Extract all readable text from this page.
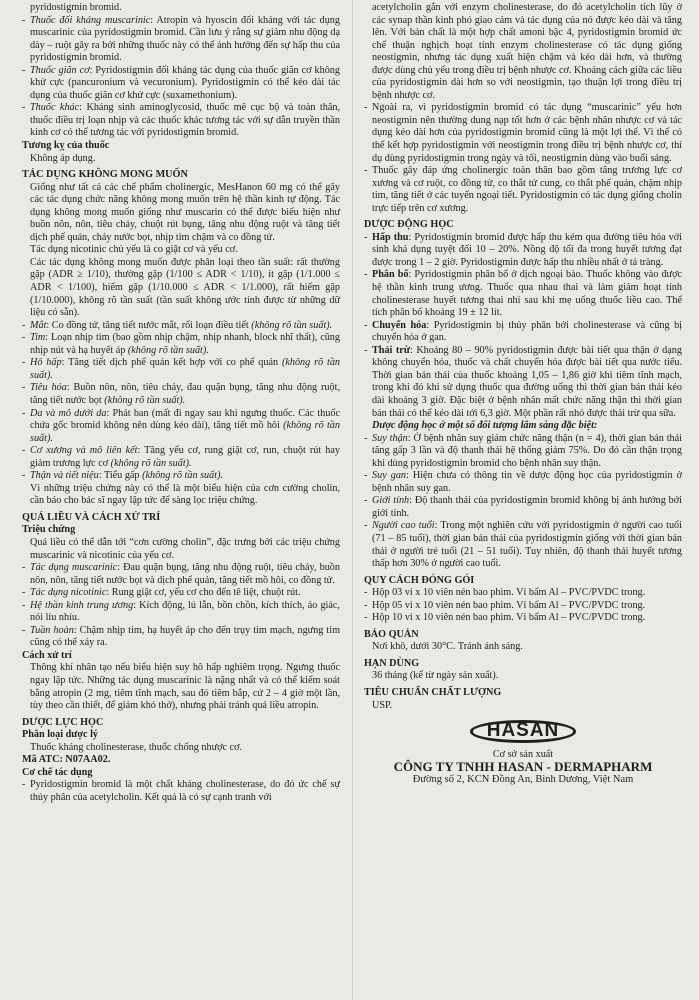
pyridostigmin bromid.

- Thuốc đối kháng muscarinic: Atropin và hyoscin đối kháng với tác dụng muscarinic của pyridostigmin bromid. Cần lưu ý rằng sự giảm nhu động dạ dày – ruột gây ra bởi những thuốc này có thể ảnh hưởng đến sự hấp thu của pyridostigmin bromid.
- Thuốc giãn cơ: Pyridostigmin đối kháng tác dụng của thuốc giãn cơ không khử cực (pancuronium và vecuronium). Pyridostigmin có thể kéo dài tác dụng của thuốc giãn cơ khử cực (suxamethonium).
- Thuốc khác: Kháng sinh aminoglycosid, thuốc mê cục bộ và toàn thân, thuốc điều trị loạn nhịp và các thuốc khác tương tác với sự dẫn truyền thần kinh cơ có thể tương tác với pyridostigmin bromid.
Tương kỵ của thuốc

Không áp dụng.

TÁC DỤNG KHÔNG MONG MUỐN

Giống như tất cả các chế phẩm cholinergic, MesHanon 60 mg có thể gây các tác dụng chức năng không mong muốn trên hệ thần kinh tự động. Tác dụng không mong muốn giống như muscarin có thể được biểu hiện như buồn nôn, nôn, tiêu chảy, chuột rút bụng, tăng nhu động ruột và tăng tiết dịch phế quản, chảy nước bọt, nhịp tim chậm và co đồng tử.

Tác dụng nicotinic chủ yếu là co giật cơ và yếu cơ.

Các tác dụng không mong muốn được phân loại theo tần suất: rất thường gặp (ADR ≥ 1/10), thường gặp (1/100 ≤ ADR < 1/10), ít gặp (1/1.000 ≤ ADR < 1/100), hiếm gặp (1/10.000 ≤ ADR < 1/1.000), rất hiếm gặp (1/10.000), không rõ tần suất (tần suất không ước tính được từ những dữ liệu có sẵn).

- Mắt: Co đồng tử, tăng tiết nước mắt, rối loạn điều tiết (không rõ tần suất).
- Tim: Loạn nhịp tim (bao gồm nhịp chậm, nhịp nhanh, block nhĩ thất), cũng nhịp nút và hạ huyết áp (không rõ tần suất).
- Hô hấp: Tăng tiết dịch phế quản kết hợp với co phế quản (không rõ tần suất).
- Tiêu hóa: Buồn nôn, nôn, tiêu chảy, đau quặn bụng, tăng nhu động ruột, tăng tiết nước bọt (không rõ tần suất).
- Da và mô dưới da: Phát ban (mất đi ngay sau khi ngưng thuốc. Các thuốc chứa gốc bromid không nên dùng kéo dài), tăng tiết mồ hôi (không rõ tần suất).
- Cơ xương và mô liên kết: Tăng yếu cơ, rung giật cơ, run, chuột rút hay giảm trương lực cơ (không rõ tần suất).
- Thận và tiết niệu: Tiểu gấp (không rõ tần suất).

Vì những triệu chứng này có thể là một biểu hiện của cơn cường cholin, cần báo cho bác sĩ ngay lập tức để sàng lọc triệu chứng.

QUÁ LIỀU VÀ CÁCH XỬ TRÍ
Triệu chứng

Quá liều có thể dẫn tới “cơn cường cholin”, đặc trưng bởi các triệu chứng muscarinic và nicotinic của yếu cơ.

- Tác dụng muscarinic: Đau quặn bụng, tăng nhu động ruột, tiêu chảy, buồn nôn, nôn, tăng tiết nước bọt và dịch phế quản, tăng tiết mồ hôi, co đồng tử.
- Tác dụng nicotinic: Rung giật cơ, yếu cơ cho đến tê liệt, chuột rút.
- Hệ thần kinh trung ương: Kích động, lú lẫn, bồn chồn, kích thích, ảo giác, nói líu nhíu.
- Tuần hoàn: Chậm nhịp tim, hạ huyết áp cho đến trụy tim mạch, ngưng tim cũng có thể xảy ra.
Cách xử trí

Thông khí nhân tạo nếu biểu hiện suy hô hấp nghiêm trọng. Ngưng thuốc ngay lập tức. Những tác dụng muscarinic là nặng nhất và có thể kiểm soát bằng atropin (2 mg, tiêm tĩnh mạch, sau đó tiêm bắp, cứ 2 – 4 giờ một lần, tùy theo cần thiết, để giảm khó thở), nhưng phải tránh quá liều atropin.

DƯỢC LỰC HỌC
Phân loại dược lý

Thuốc kháng cholinesterase, thuốc chống nhược cơ.

Mã ATC: N07AA02.
Cơ chế tác dụng
- Pyridostigmin bromid là một chất kháng cholinesterase, do đó ức chế sự thủy phân của acetylcholin. Kết quả là có sự cạnh tranh với

acetylcholin gắn với enzym cholinesterase, do đó acetylcholin tích lũy ở các synap thần kinh phó giao cảm và tác dụng của nó được kéo dài và tăng lên. Với bản chất là một hợp chất amoni bậc 4, pyridostigmin bromid ức chế thuận nghịch hoạt tính enzym cholinesterase có tác dụng giống neostigmin, nhưng tác dụng xuất hiện chậm và kéo dài hơn, và thường được dùng chủ yếu trong điều trị bệnh nhược cơ. Khoảng cách giữa các liều của pyridostigmin dài hơn so với neostigmin, tạo thuận lợi trong điều trị bệnh nhược cơ.

- Ngoài ra, vì pyridostigmin bromid có tác dụng “muscarinic” yếu hơn neostigmin nên thường dung nạp tốt hơn ở các bệnh nhân nhược cơ và tác dụng kéo dài hơn của pyridostigmin bromid cũng là một lợi thế. Vì thế có thể kết hợp pyridostigmin với neostigmin trong điều trị bệnh nhược cơ, thí dụ dùng pyridostigmin trong ngày và tối, neostigmin dùng vào buổi sáng.
- Thuốc gây đáp ứng cholinergic toàn thân bao gồm tăng trương lực cơ xương và cơ ruột, co đồng tử, co thắt tử cung, co thắt phế quản, chậm nhịp tim, tăng tiết ở các tuyến ngoại tiết. Pyridostigmin có tác dụng giống cholin trực tiếp trên cơ xương.
DƯỢC ĐỘNG HỌC
- Hấp thu: Pyridostigmin bromid được hấp thu kém qua đường tiêu hóa với sinh khả dụng tuyệt đối 10 – 20%. Nồng độ tối đa trong huyết tương đạt được trong 1 – 2 giờ. Pyridostigmin được hấp thu nhiều nhất ở tá tràng.
- Phân bố: Pyridostigmin phân bố ở dịch ngoại bào. Thuốc không vào được hệ thần kinh trung ương. Thuốc qua nhau thai và làm giảm hoạt tính cholinesterase huyết tương thai nhi sau khi mẹ uống thuốc liều cao. Thể tích phân bố khoảng 19 ± 12 lít.
- Chuyển hóa: Pyridostigmin bị thủy phân bởi cholinesterase và cũng bị chuyển hóa ở gan.
- Thải trừ: Khoảng 80 – 90% pyridostigmin được bài tiết qua thận ở dạng không chuyển hóa, thuốc và chất chuyển hóa được bài tiết qua nước tiểu. Thời gian bán thải của thuốc khoảng 1,05 – 1,86 giờ khi tiêm tĩnh mạch, trong khi đó khi sử dụng thuốc qua đường uống thì thời gian bán thải kéo dài khoảng 3 giờ. Đặc biệt ở bệnh nhân mất chức năng thận thì thời gian bán thải có thể kéo dài tới 6,3 giờ. Một phần rất nhỏ được thải trừ qua sữa.
Dược động học ở một số đối tượng lâm sàng đặc biệt:
- Suy thận: Ở bệnh nhân suy giảm chức năng thận (n = 4), thời gian bán thải tăng gấp 3 lần và độ thanh thải hệ thống giảm 75%. Do đó cần thận trọng khi dùng pyridostigmin bromid cho bệnh nhân suy thận.
- Suy gan: Hiện chưa có thông tin về dược động học của pyridostigmin ở bệnh nhân suy gan.
- Giới tính: Độ thanh thải của pyridostigmin bromid không bị ảnh hưởng bởi giới tính.
- Người cao tuổi: Trong một nghiên cứu với pyridostigmin ở người cao tuổi (71 – 85 tuổi), thời gian bán thải của pyridostigmin giống với thời gian bán thải ở người trẻ tuổi (21 – 51 tuổi). Tuy nhiên, độ thanh thải huyết tương thấp hơn 30% ở người cao tuổi.
QUY CÁCH ĐÓNG GÓI
- Hộp 03 vỉ x 10 viên nén bao phim. Vỉ bấm Al – PVC/PVDC trong.
- Hộp 05 vỉ x 10 viên nén bao phim. Vỉ bấm Al – PVC/PVDC trong.
- Hộp 10 vỉ x 10 viên nén bao phim. Vỉ bấm Al – PVC/PVDC trong.
BẢO QUẢN

Nơi khô, dưới 30°C. Tránh ánh sáng.

HẠN DÙNG

36 tháng (kể từ ngày sản xuất).

TIÊU CHUẨN CHẤT LƯỢNG

USP.

HASAN
Cơ sở sản xuất
CÔNG TY TNHH HASAN - DERMAPHARM
Đường số 2, KCN Đồng An, Bình Dương, Việt Nam
